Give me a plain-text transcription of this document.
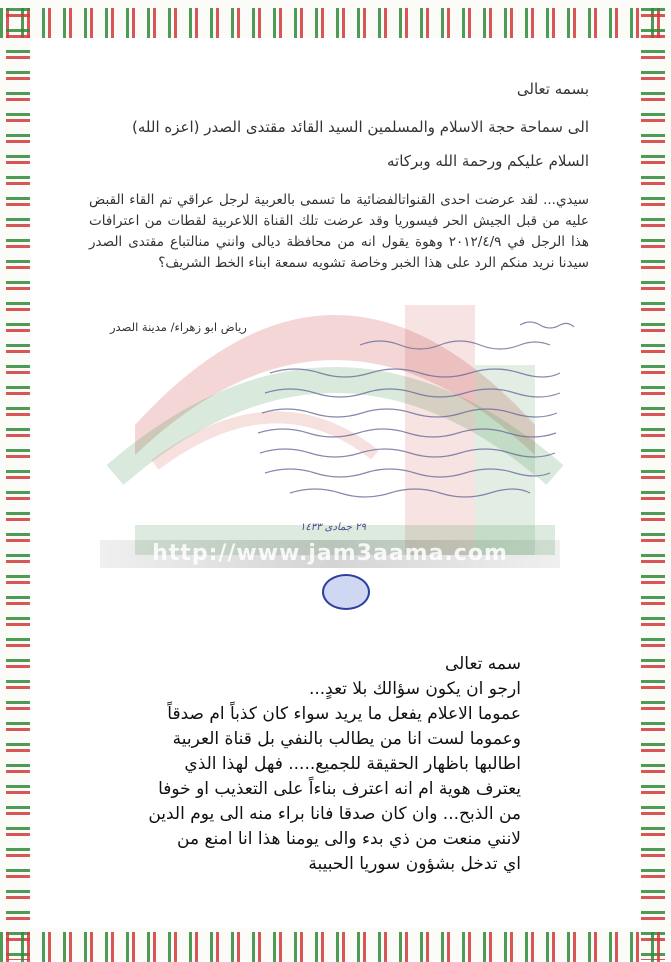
http://www.jam3aama.com
بسمه تعالى
الى سماحة حجة الاسلام والمسلمين السيد القائد مقتدى الصدر (اعزه الله)
السلام عليكم ورحمة الله وبركاته
سيدي... لقد عرضت احدى القنواتالفضائية ما تسمى بالعربية لرجل عراقي تم القاء القبض عليه من قبل الجيش الحر فيسوريا وقد عرضت تلك القناة اللاعربية لقطات من اعترافات هذا الرجل في ٢٠١٢/٤/٩ وهوة يقول انه من محافظة ديالى وانني منالتباع مقتدى الصدر سيدنا نريد منكم الرد على هذا الخبر وخاصة تشويه سمعة ابناء الخط الشريف؟
رياض ابو زهراء/ مدينة الصدر
٢٩ جمادى ١٤٣٣
سمه تعالى
ارجو ان يكون سؤالك بلا تعدٍ...
عموما الاعلام يفعل ما يريد سواء كان كذباً ام صدقاً
وعموما لست انا من يطالب بالنفي بل قناة العربية
اطالبها باظهار الحقيقة للجميع..... فهل لهذا الذي
يعترف هوية ام انه اعترف بناءاً على التعذيب او خوفا
من الذبح... وان كان صدقا فانا براء منه الى يوم الدين
لانني منعت من ذي بدء والى يومنا هذا انا امنع من
اي تدخل بشؤون سوريا الحبيبة
